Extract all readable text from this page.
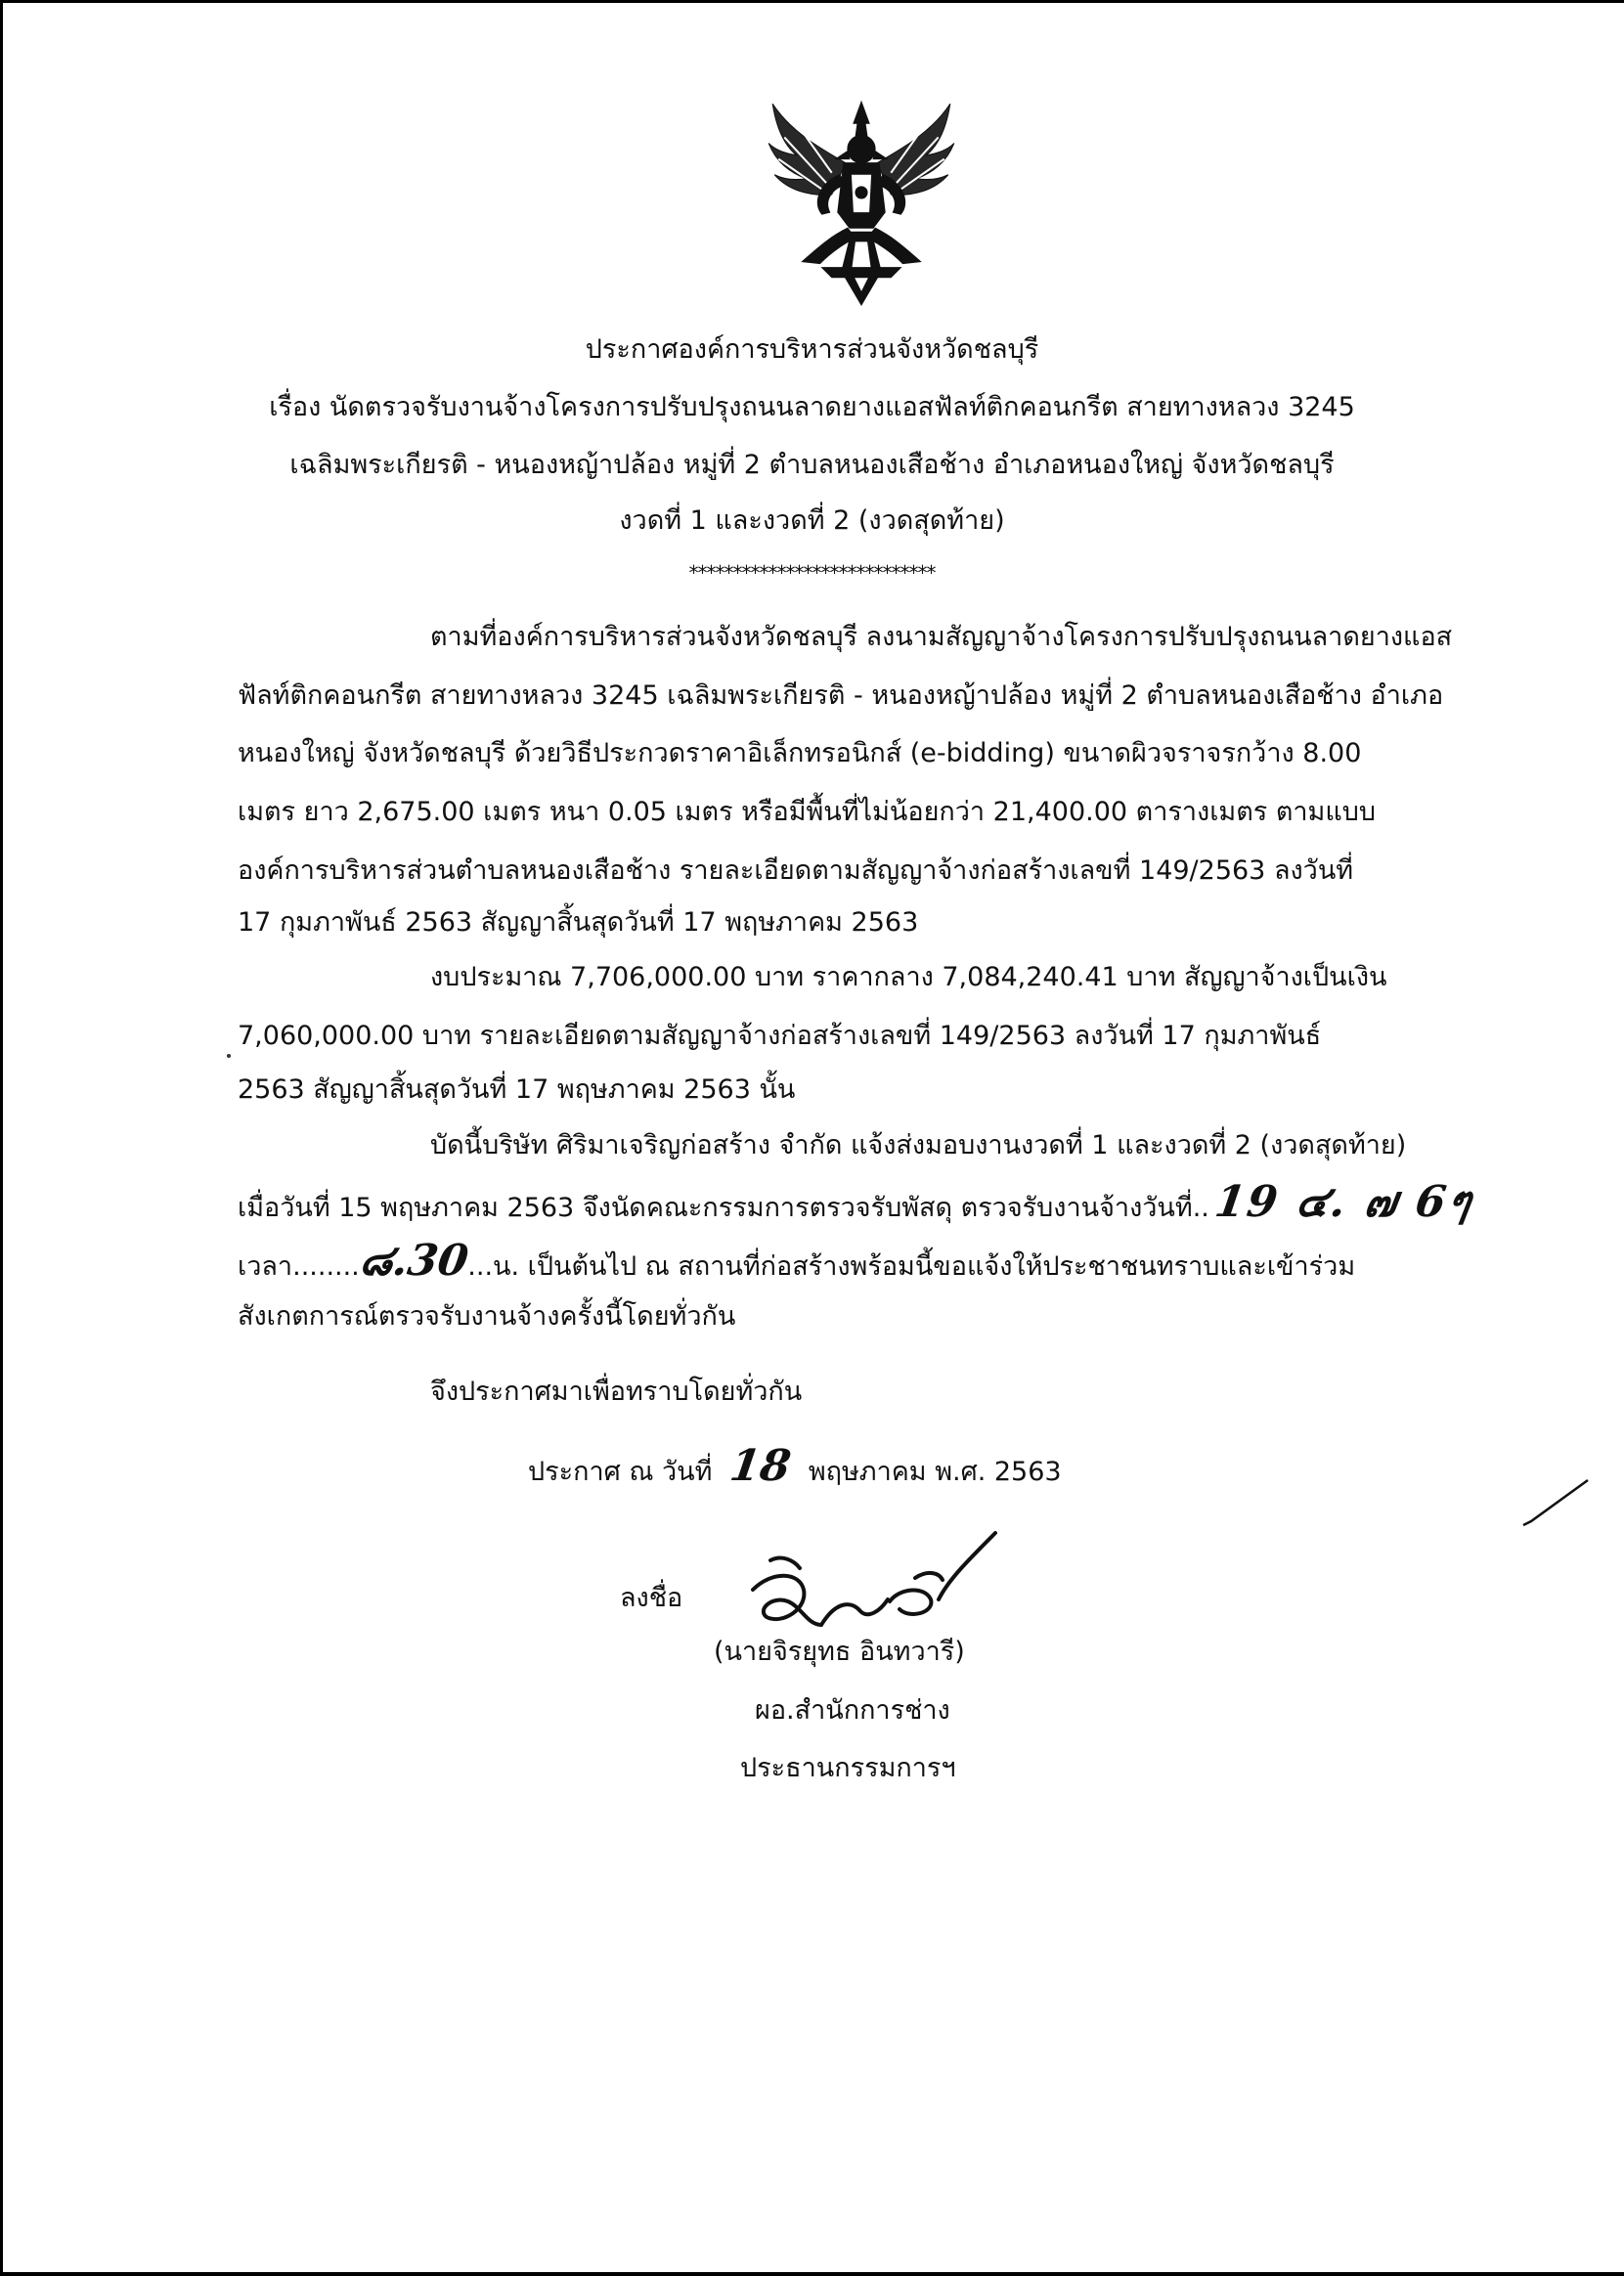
ประกาศองค์การบริหารส่วนจังหวัดชลบุรี
เรื่อง นัดตรวจรับงานจ้างโครงการปรับปรุงถนนลาดยางแอสฟัลท์ติกคอนกรีต สายทางหลวง 3245
เฉลิมพระเกียรติ - หนองหญ้าปล้อง หมู่ที่ 2 ตำบลหนองเสือช้าง อำเภอหนองใหญ่ จังหวัดชลบุรี
งวดที่ 1 และงวดที่ 2 (งวดสุดท้าย)
****************************
ตามที่องค์การบริหารส่วนจังหวัดชลบุรี ลงนามสัญญาจ้างโครงการปรับปรุงถนนลาดยางแอส
ฟัลท์ติกคอนกรีต สายทางหลวง 3245 เฉลิมพระเกียรติ - หนองหญ้าปล้อง หมู่ที่ 2 ตำบลหนองเสือช้าง อำเภอ
หนองใหญ่ จังหวัดชลบุรี ด้วยวิธีประกวดราคาอิเล็กทรอนิกส์ (e-bidding) ขนาดผิวจราจรกว้าง 8.00
เมตร ยาว 2,675.00 เมตร หนา 0.05 เมตร หรือมีพื้นที่ไม่น้อยกว่า 21,400.00 ตารางเมตร ตามแบบ
องค์การบริหารส่วนตำบลหนองเสือช้าง รายละเอียดตามสัญญาจ้างก่อสร้างเลขที่ 149/2563 ลงวันที่
17 กุมภาพันธ์ 2563 สัญญาสิ้นสุดวันที่ 17 พฤษภาคม 2563
งบประมาณ 7,706,000.00 บาท ราคากลาง 7,084,240.41 บาท สัญญาจ้างเป็นเงิน
7,060,000.00 บาท รายละเอียดตามสัญญาจ้างก่อสร้างเลขที่ 149/2563 ลงวันที่ 17 กุมภาพันธ์
2563 สัญญาสิ้นสุดวันที่ 17 พฤษภาคม 2563 นั้น
บัดนี้บริษัท ศิริมาเจริญก่อสร้าง จำกัด แจ้งส่งมอบงานงวดที่ 1 และงวดที่ 2 (งวดสุดท้าย)
เมื่อวันที่ 15 พฤษภาคม 2563 จึงนัดคณะกรรมการตรวจรับพัสดุ ตรวจรับงานจ้างวันที่..19 ๔. ๗ 6ๆ
เวลา........๘.30...น. เป็นต้นไป ณ สถานที่ก่อสร้างพร้อมนี้ขอแจ้งให้ประชาชนทราบและเข้าร่วม
สังเกตการณ์ตรวจรับงานจ้างครั้งนี้โดยทั่วกัน
จึงประกาศมาเพื่อทราบโดยทั่วกัน
ประกาศ ณ วันที่ 18 พฤษภาคม พ.ศ. 2563
ลงชื่อ
(นายจิรยุทธ อินทวารี)
ผอ.สำนักการช่าง
ประธานกรรมการฯ
